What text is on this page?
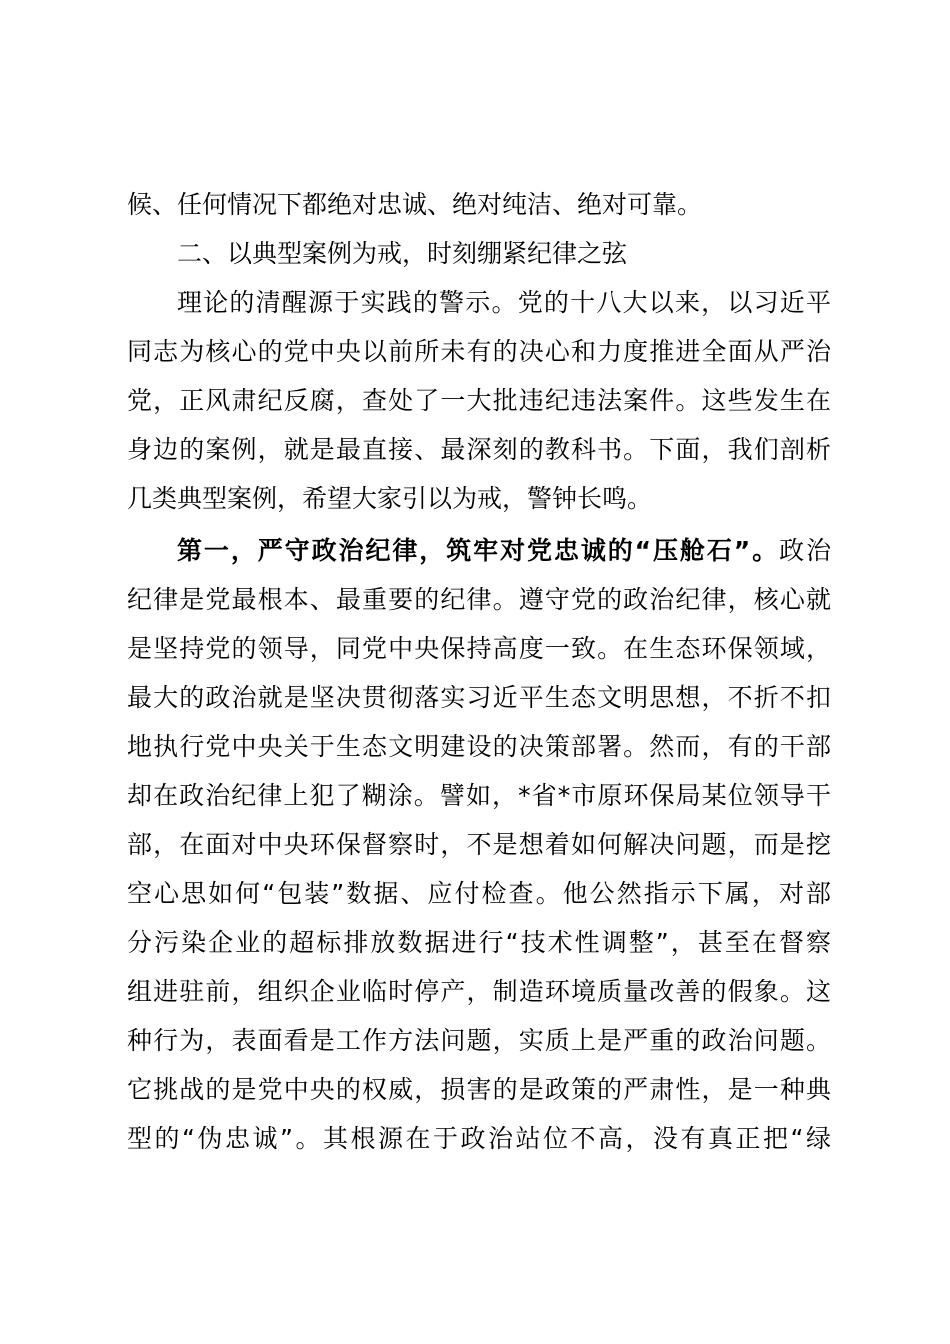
候、任何情况下都绝对忠诚、绝对纯洁、绝对可靠。
二、以典型案例为戒，时刻绷紧纪律之弦
理论的清醒源于实践的警示。党的十八大以来，以习近平
同志为核心的党中央以前所未有的决心和力度推进全面从严治
党，正风肃纪反腐，查处了一大批违纪违法案件。这些发生在
身边的案例，就是最直接、最深刻的教科书。下面，我们剖析
几类典型案例，希望大家引以为戒，警钟长鸣。
第一，严守政治纪律，筑牢对党忠诚的“压舱石”。政治
纪律是党最根本、最重要的纪律。遵守党的政治纪律，核心就
是坚持党的领导，同党中央保持高度一致。在生态环保领域，
最大的政治就是坚决贯彻落实习近平生态文明思想，不折不扣
地执行党中央关于生态文明建设的决策部署。然而，有的干部
却在政治纪律上犯了糊涂。譬如，*省*市原环保局某位领导干
部，在面对中央环保督察时，不是想着如何解决问题，而是挖
空心思如何“包装”数据、应付检查。他公然指示下属，对部
分污染企业的超标排放数据进行“技术性调整”，甚至在督察
组进驻前，组织企业临时停产，制造环境质量改善的假象。这
种行为，表面看是工作方法问题，实质上是严重的政治问题。
它挑战的是党中央的权威，损害的是政策的严肃性，是一种典
型的“伪忠诚”。其根源在于政治站位不高，没有真正把“绿
